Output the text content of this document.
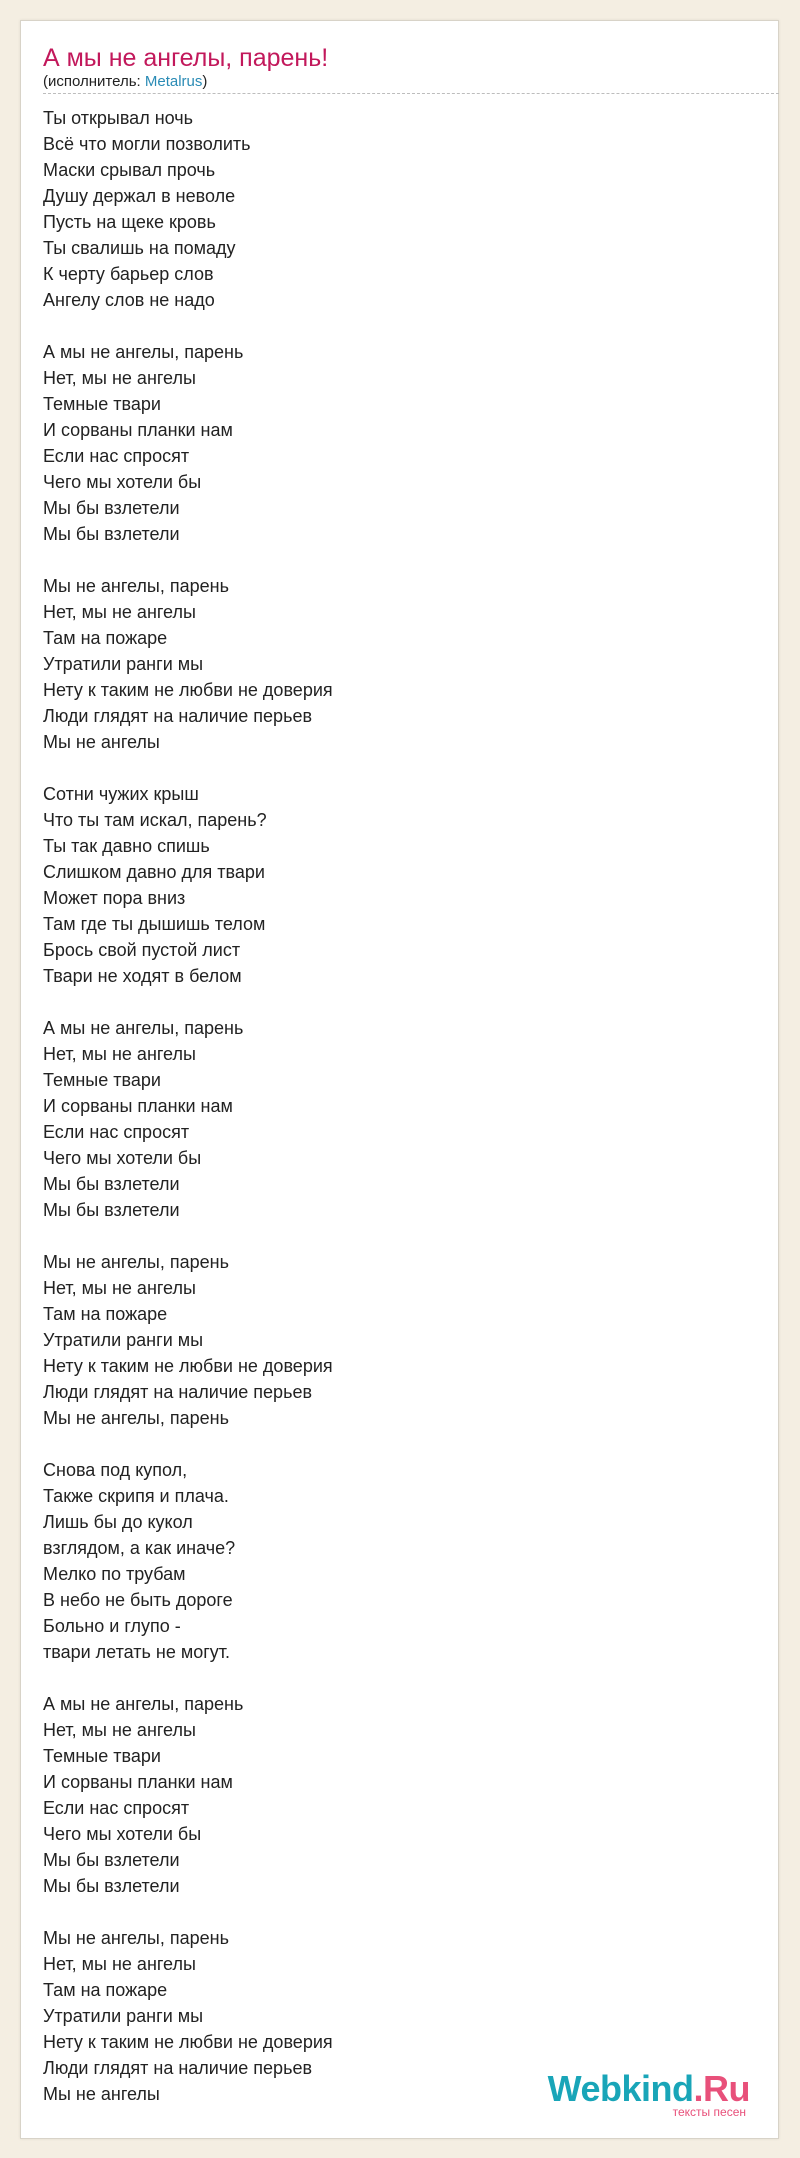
А мы не ангелы, парень!
(исполнитель: Metalrus)
Ты открывал ночь
Всё что могли позволить
Маски срывал прочь
Душу держал в неволе
Пусть на щеке кровь
Ты свалишь на помаду
К черту барьер слов
Ангелу слов не надо
А мы не ангелы, парень
Нет, мы не ангелы
Темные твари
И сорваны планки нам
Если нас спросят
Чего мы хотели бы
Мы бы взлетели
Мы бы взлетели
Мы не ангелы, парень
Нет, мы не ангелы
Там на пожаре
Утратили ранги мы
Нету к таким не любви не доверия
Люди глядят на наличие перьев
Мы не ангелы
Сотни чужих крыш
Что ты там искал, парень?
Ты так давно спишь
Слишком давно для твари
Может пора вниз
Там где ты дышишь телом
Брось свой пустой лист
Твари не ходят в белом
А мы не ангелы, парень
Нет, мы не ангелы
Темные твари
И сорваны планки нам
Если нас спросят
Чего мы хотели бы
Мы бы взлетели
Мы бы взлетели
Мы не ангелы, парень
Нет, мы не ангелы
Там на пожаре
Утратили ранги мы
Нету к таким не любви не доверия
Люди глядят на наличие перьев
Мы не ангелы, парень
Снова под купол,
Также скрипя и плача.
Лишь бы до кукол
взглядом, а как иначе?
Мелко по трубам
В небо не быть дороге
Больно и глупо -
твари летать не могут.
А мы не ангелы, парень
Нет, мы не ангелы
Темные твари
И сорваны планки нам
Если нас спросят
Чего мы хотели бы
Мы бы взлетели
Мы бы взлетели
Мы не ангелы, парень
Нет, мы не ангелы
Там на пожаре
Утратили ранги мы
Нету к таким не любви не доверия
Люди глядят на наличие перьев
Мы не ангелы	Webkind.Ru
тексты песен
